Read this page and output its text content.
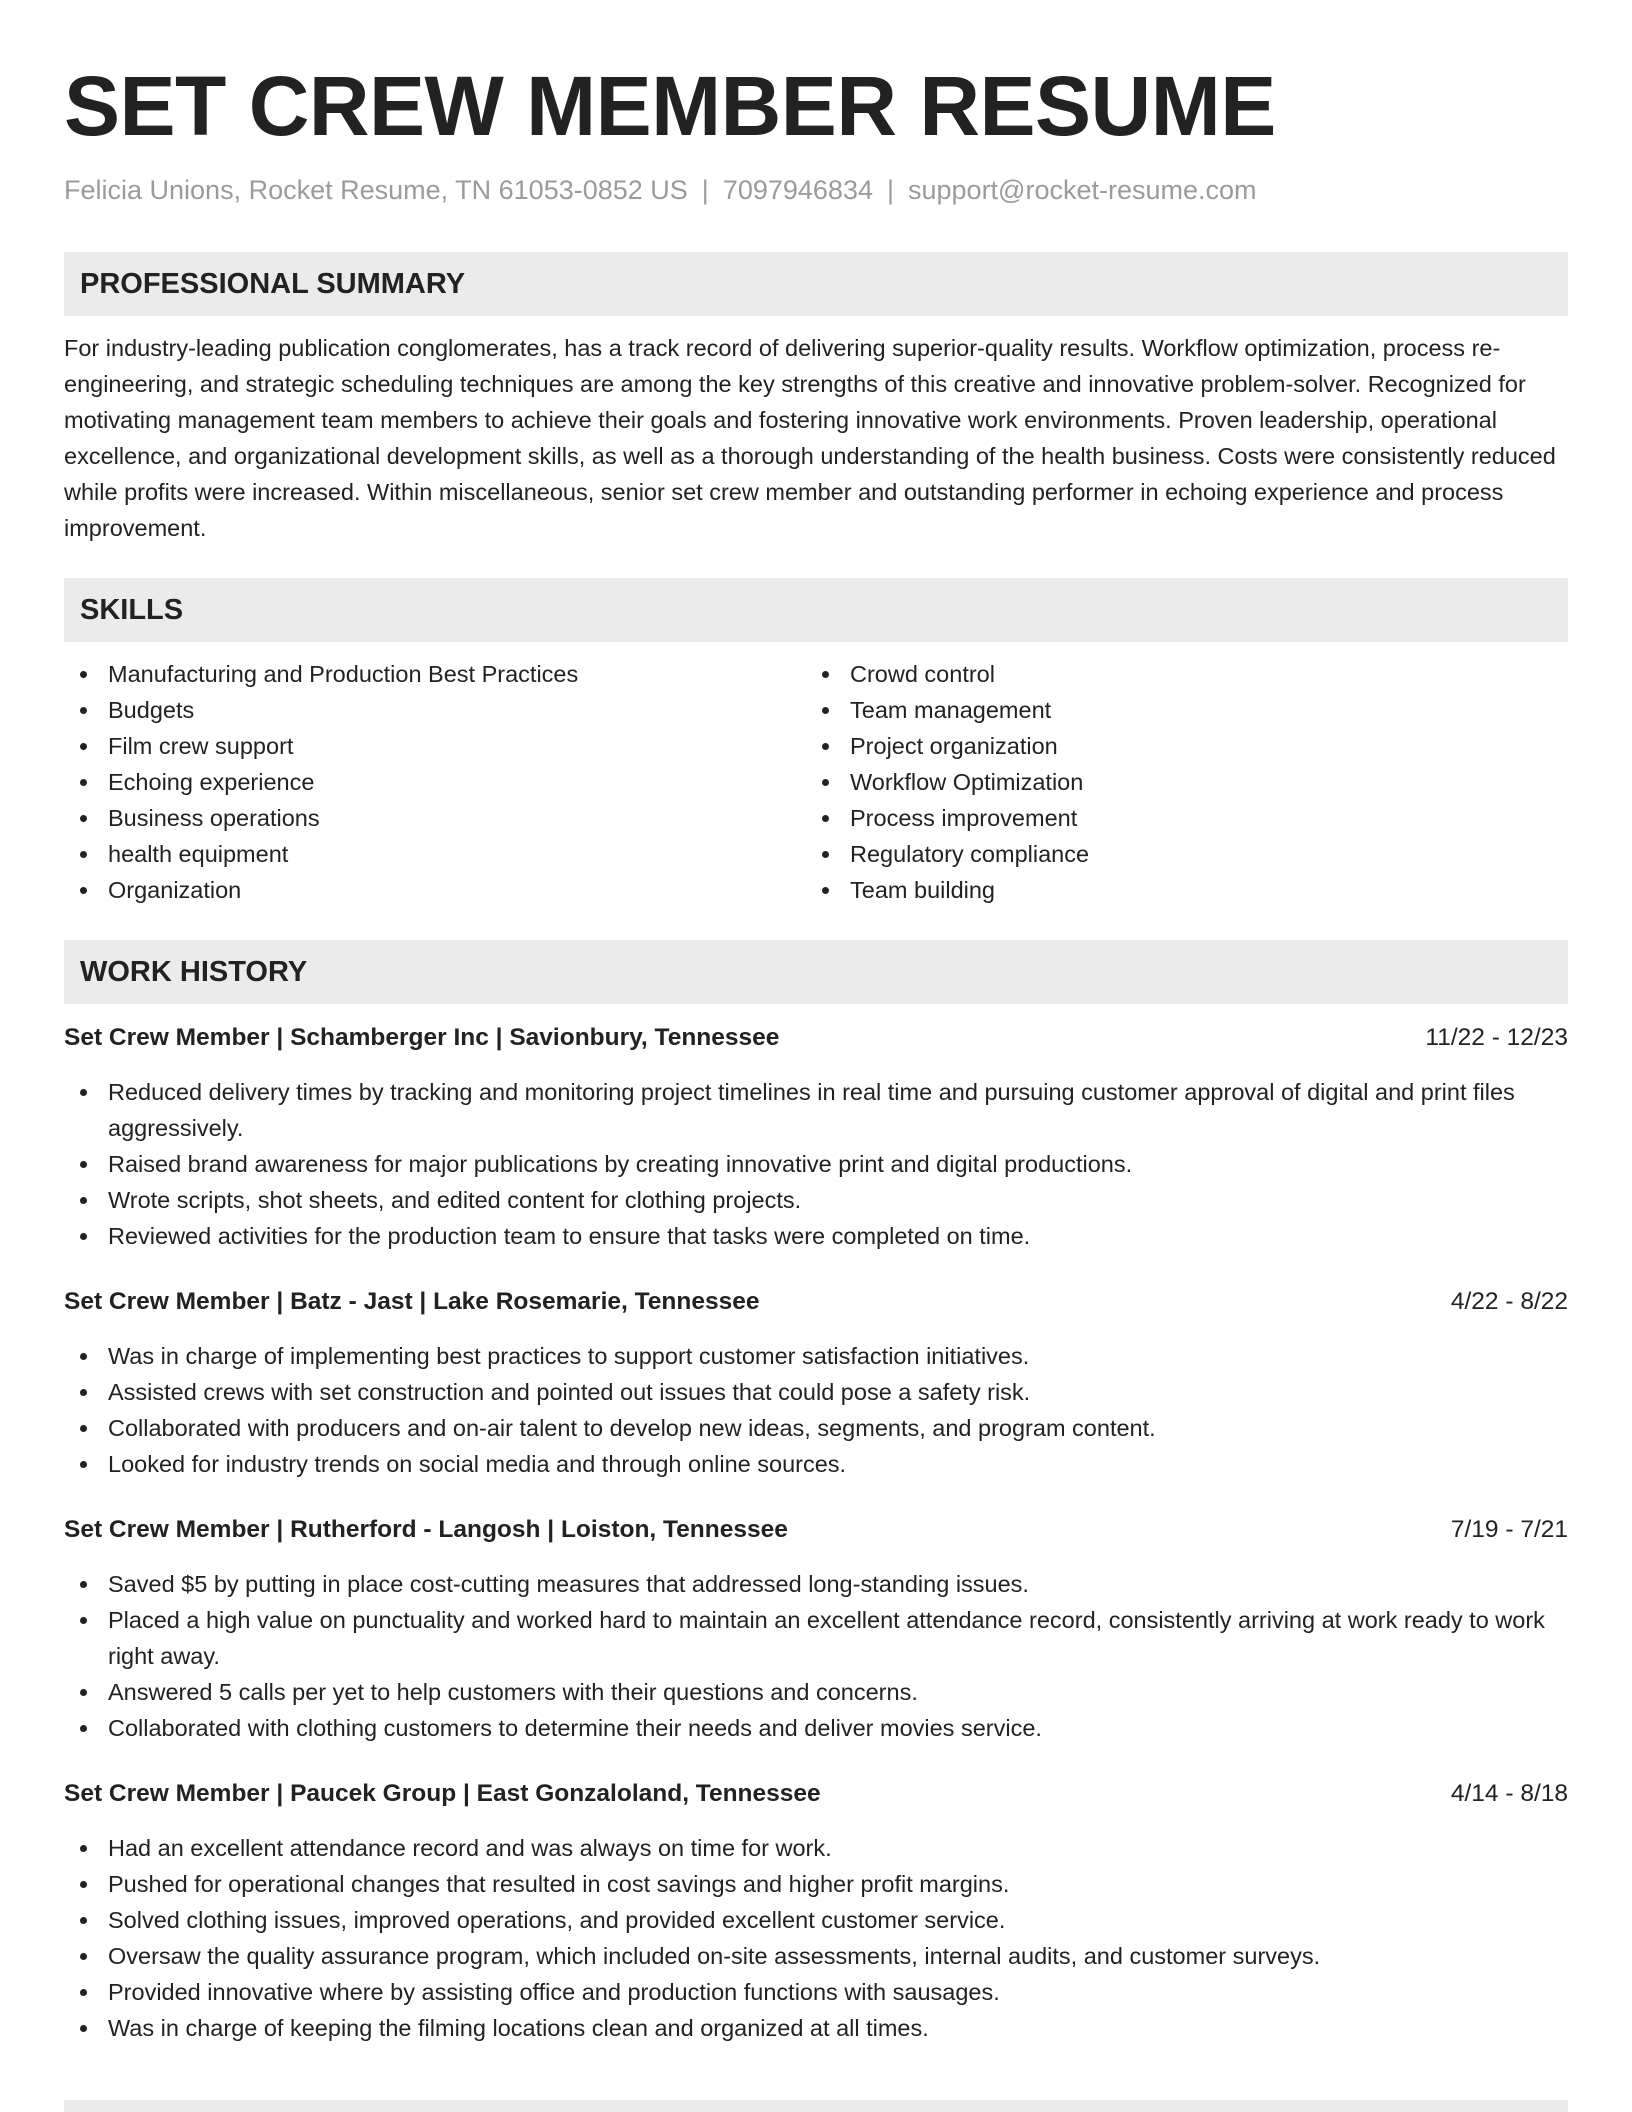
SET CREW MEMBER RESUME
Felicia Unions, Rocket Resume, TN 61053-0852 US | 7097946834 | support@rocket-resume.com
PROFESSIONAL SUMMARY
For industry-leading publication conglomerates, has a track record of delivering superior-quality results. Workflow optimization, process re-engineering, and strategic scheduling techniques are among the key strengths of this creative and innovative problem-solver. Recognized for motivating management team members to achieve their goals and fostering innovative work environments. Proven leadership, operational excellence, and organizational development skills, as well as a thorough understanding of the health business. Costs were consistently reduced while profits were increased. Within miscellaneous, senior set crew member and outstanding performer in echoing experience and process improvement.
SKILLS
Manufacturing and Production Best Practices
Budgets
Film crew support
Echoing experience
Business operations
health equipment
Organization
Crowd control
Team management
Project organization
Workflow Optimization
Process improvement
Regulatory compliance
Team building
WORK HISTORY
Set Crew Member | Schamberger Inc | Savionbury, Tennessee	11/22 - 12/23
Reduced delivery times by tracking and monitoring project timelines in real time and pursuing customer approval of digital and print files aggressively.
Raised brand awareness for major publications by creating innovative print and digital productions.
Wrote scripts, shot sheets, and edited content for clothing projects.
Reviewed activities for the production team to ensure that tasks were completed on time.
Set Crew Member | Batz - Jast | Lake Rosemarie, Tennessee	4/22 - 8/22
Was in charge of implementing best practices to support customer satisfaction initiatives.
Assisted crews with set construction and pointed out issues that could pose a safety risk.
Collaborated with producers and on-air talent to develop new ideas, segments, and program content.
Looked for industry trends on social media and through online sources.
Set Crew Member | Rutherford - Langosh | Loiston, Tennessee	7/19 - 7/21
Saved $5 by putting in place cost-cutting measures that addressed long-standing issues.
Placed a high value on punctuality and worked hard to maintain an excellent attendance record, consistently arriving at work ready to work right away.
Answered 5 calls per yet to help customers with their questions and concerns.
Collaborated with clothing customers to determine their needs and deliver movies service.
Set Crew Member | Paucek Group | East Gonzaloland, Tennessee	4/14 - 8/18
Had an excellent attendance record and was always on time for work.
Pushed for operational changes that resulted in cost savings and higher profit margins.
Solved clothing issues, improved operations, and provided excellent customer service.
Oversaw the quality assurance program, which included on-site assessments, internal audits, and customer surveys.
Provided innovative where by assisting office and production functions with sausages.
Was in charge of keeping the filming locations clean and organized at all times.
